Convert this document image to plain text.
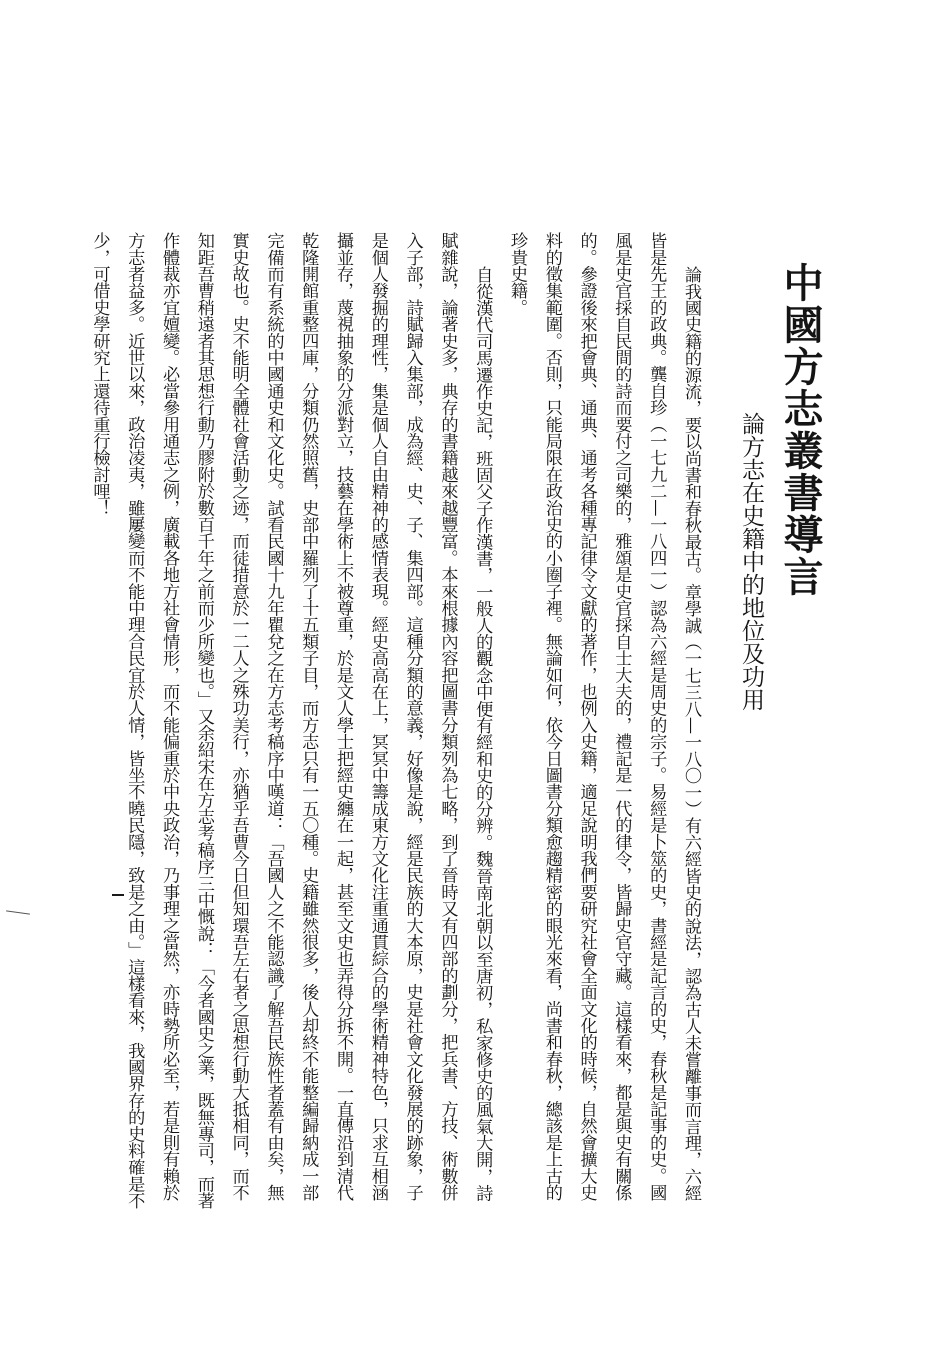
中國方志叢書導言
論方志在史籍中的地位及功用

論我國史籍的源流，要以尚書和春秋最古。章學誠（一七三八—一八〇一）有六經皆史的說法，認為古人未嘗離事而言理，六經皆是先王的政典。龔自珍（一七九二—一八四一）認為六經是周史的宗子。易經是卜筮的史，書經是記言的史，春秋是記事的史。國風是史官採自民間的詩而要付之司樂的，雅頌是史官採自士大夫的，禮記是一代的律令，皆歸史官守藏。這樣看來，都是與史有關係的。參證後來把會典、通典、通考各種專記律令文獻的著作，也例入史籍，適足說明我們要研究社會全面文化的時候，自然會擴大史料的徵集範圍。否則，只能局限在政治史的小圈子裡。無論如何，依今日圖書分類愈趨精密的眼光來看，尚書和春秋，總該是上古的珍貴史籍。

自從漢代司馬遷作史記，班固父子作漢書，一般人的觀念中便有經和史的分辨。魏晉南北朝以至唐初，私家修史的風氣大開，詩賦雜說，論著史多，典存的書籍越來越豐富。本來根據內容把圖書分類列為七略，到了晉時又有四部的劃分，把兵書、方技、術數併入子部，詩賦歸入集部，成為經、史、子、集四部。這種分類的意義，好像是說，經是民族的大本原，史是社會文化發展的跡象，子是個人發掘的理性，集是個人自由精神的感情表現。經史高高在上，冥冥中籌成東方文化注重通貫綜合的學術精神特色，只求互相涵攝並存，蔑視抽象的分派對立，技藝在學術上不被尊重，於是文人學士把經史纏在一起，甚至文史也弄得分拆不開。一直傳沿到清代乾隆開館重整四庫，分類仍然照舊，史部中羅列了十五類子目，而方志只有一五〇種。史籍雖然很多，後人却終不能整編歸納成一部完備而有系統的中國通史和文化史。試看民國十九年瞿兌之在方志考稿序中嘆道：「吾國人之不能認識了解吾民族性者蓋有由矣，無實史故也。史不能明全體社會活動之迹，而徒措意於一二人之殊功美行，亦猶乎吾曹今日但知環吾左右者之思想行動大抵相同，而不知距吾曹稍遠者其思想行動乃膠附於數百千年之前而少所變也。」又余紹宋在方志考稿序三中慨說：「今者國史之業，既無專司，而著作體裁亦宜嬗變。必當參用通志之例，廣載各地方社會情形，而不能偏重於中央政治，乃事理之當然，亦時勢所必至，若是則有賴於方志者益多。近世以來，政治凌夷，雖屢變而不能中理合民宜於人情，皆坐不曉民隱，致是之由。」這樣看來，我國界存的史料確是不少，可借史學研究上還待重行檢討哩！
